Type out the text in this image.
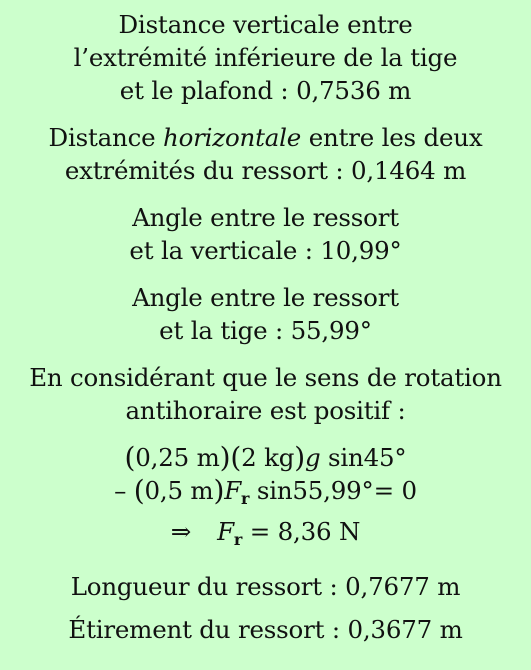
Distance verticale entre
l’extrémité inférieure de la tige
et le plafond : 0,7536 m
Distance horizontale entre les deux
extrémités du ressort : 0,1464 m
Angle entre le ressort
et la verticale : 10,99°
Angle entre le ressort
et la tige : 55,99°
En considérant que le sens de rotation
antihoraire est positif :
(0,25 m)(2 kg)g sin45°
– (0,5 $m)F_r$ sin55,99°= 0
⇒ $F_r = 8,36$ N
Longueur du ressort : 0,7677 m
Étirement du ressort : 0,3677 m
